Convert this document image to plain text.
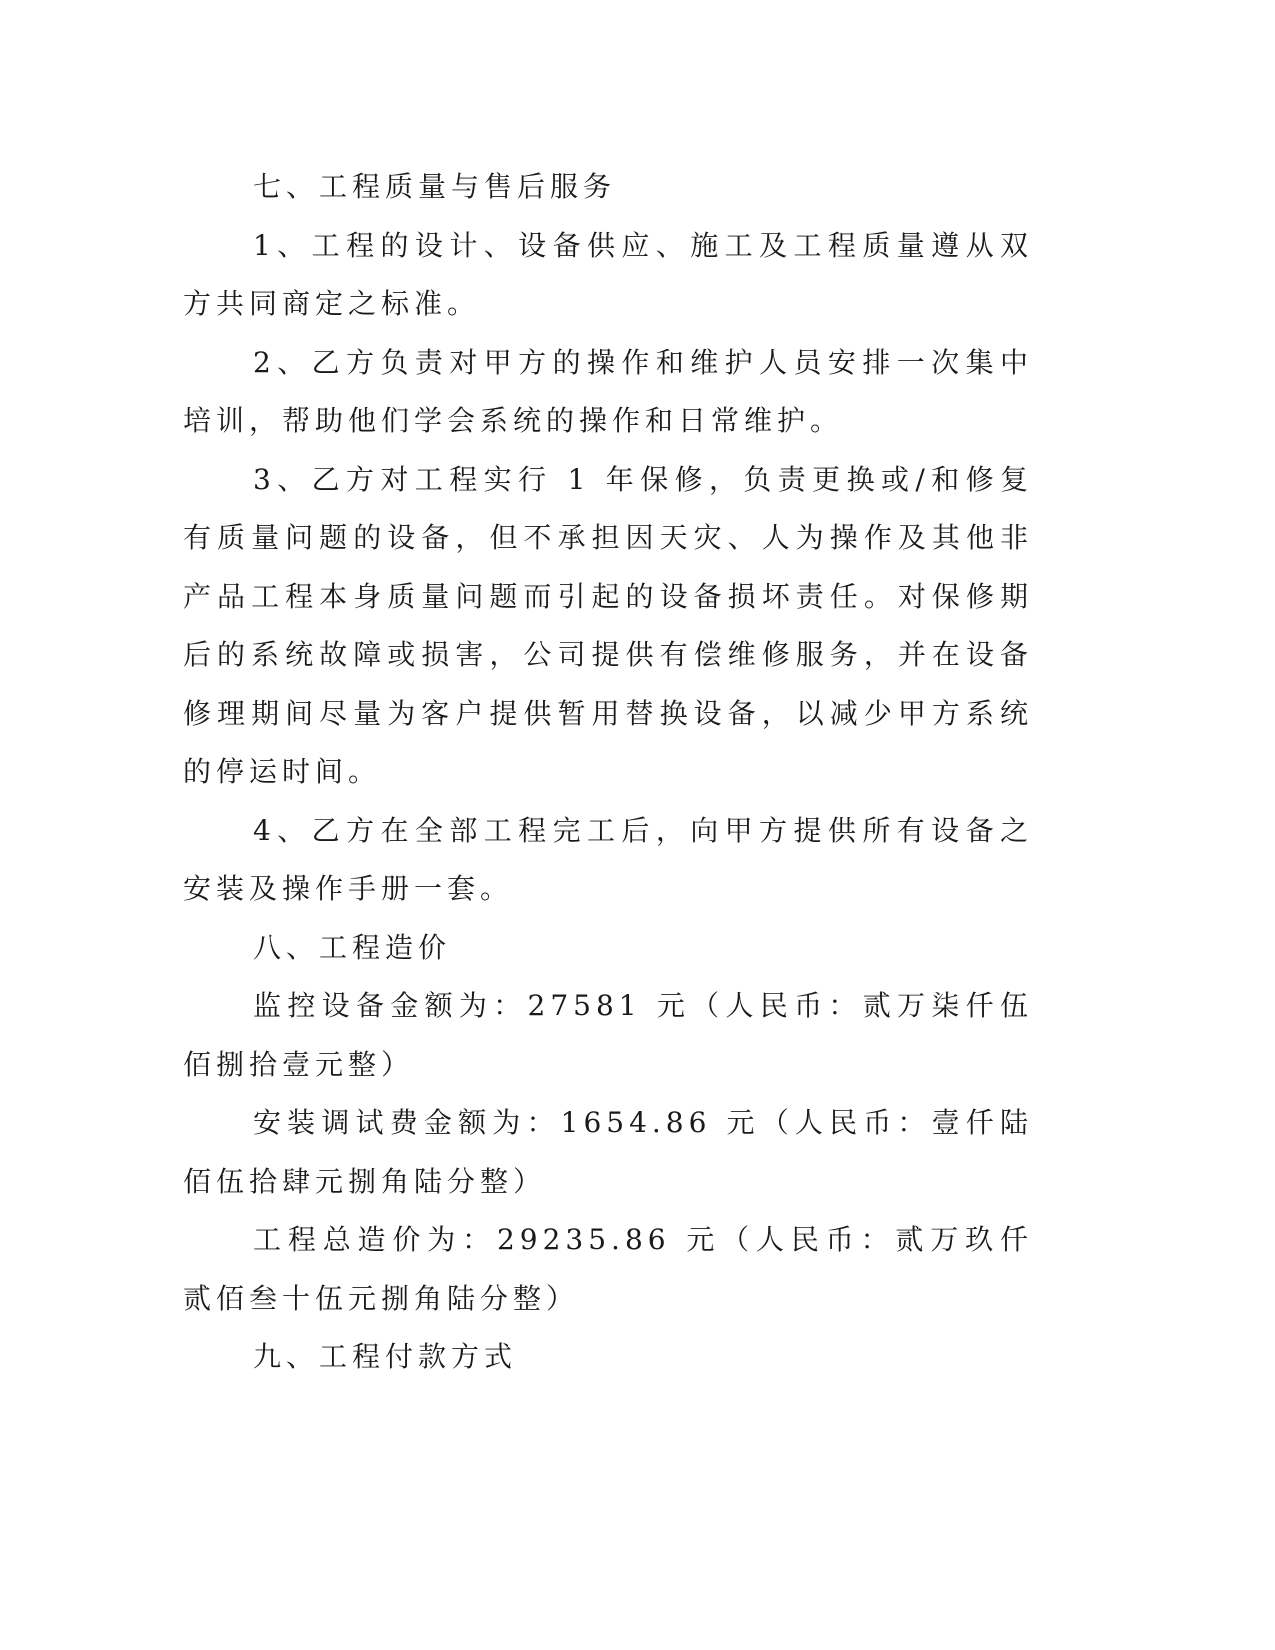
七、工程质量与售后服务

1、工程的设计、设备供应、施工及工程质量遵从双方共同商定之标准。

2、乙方负责对甲方的操作和维护人员安排一次集中培训，帮助他们学会系统的操作和日常维护。

3、乙方对工程实行 1 年保修，负责更换或/和修复有质量问题的设备，但不承担因天灾、人为操作及其他非产品工程本身质量问题而引起的设备损坏责任。对保修期后的系统故障或损害，公司提供有偿维修服务，并在设备修理期间尽量为客户提供暂用替换设备，以减少甲方系统的停运时间。

4、乙方在全部工程完工后，向甲方提供所有设备之安装及操作手册一套。

八、工程造价

监控设备金额为：27581 元（人民币：贰万柒仟伍佰捌拾壹元整）

安装调试费金额为：1654.86 元（人民币：壹仟陆佰伍拾肆元捌角陆分整）

工程总造价为：29235.86 元（人民币：贰万玖仟贰佰叁十伍元捌角陆分整）

九、工程付款方式
